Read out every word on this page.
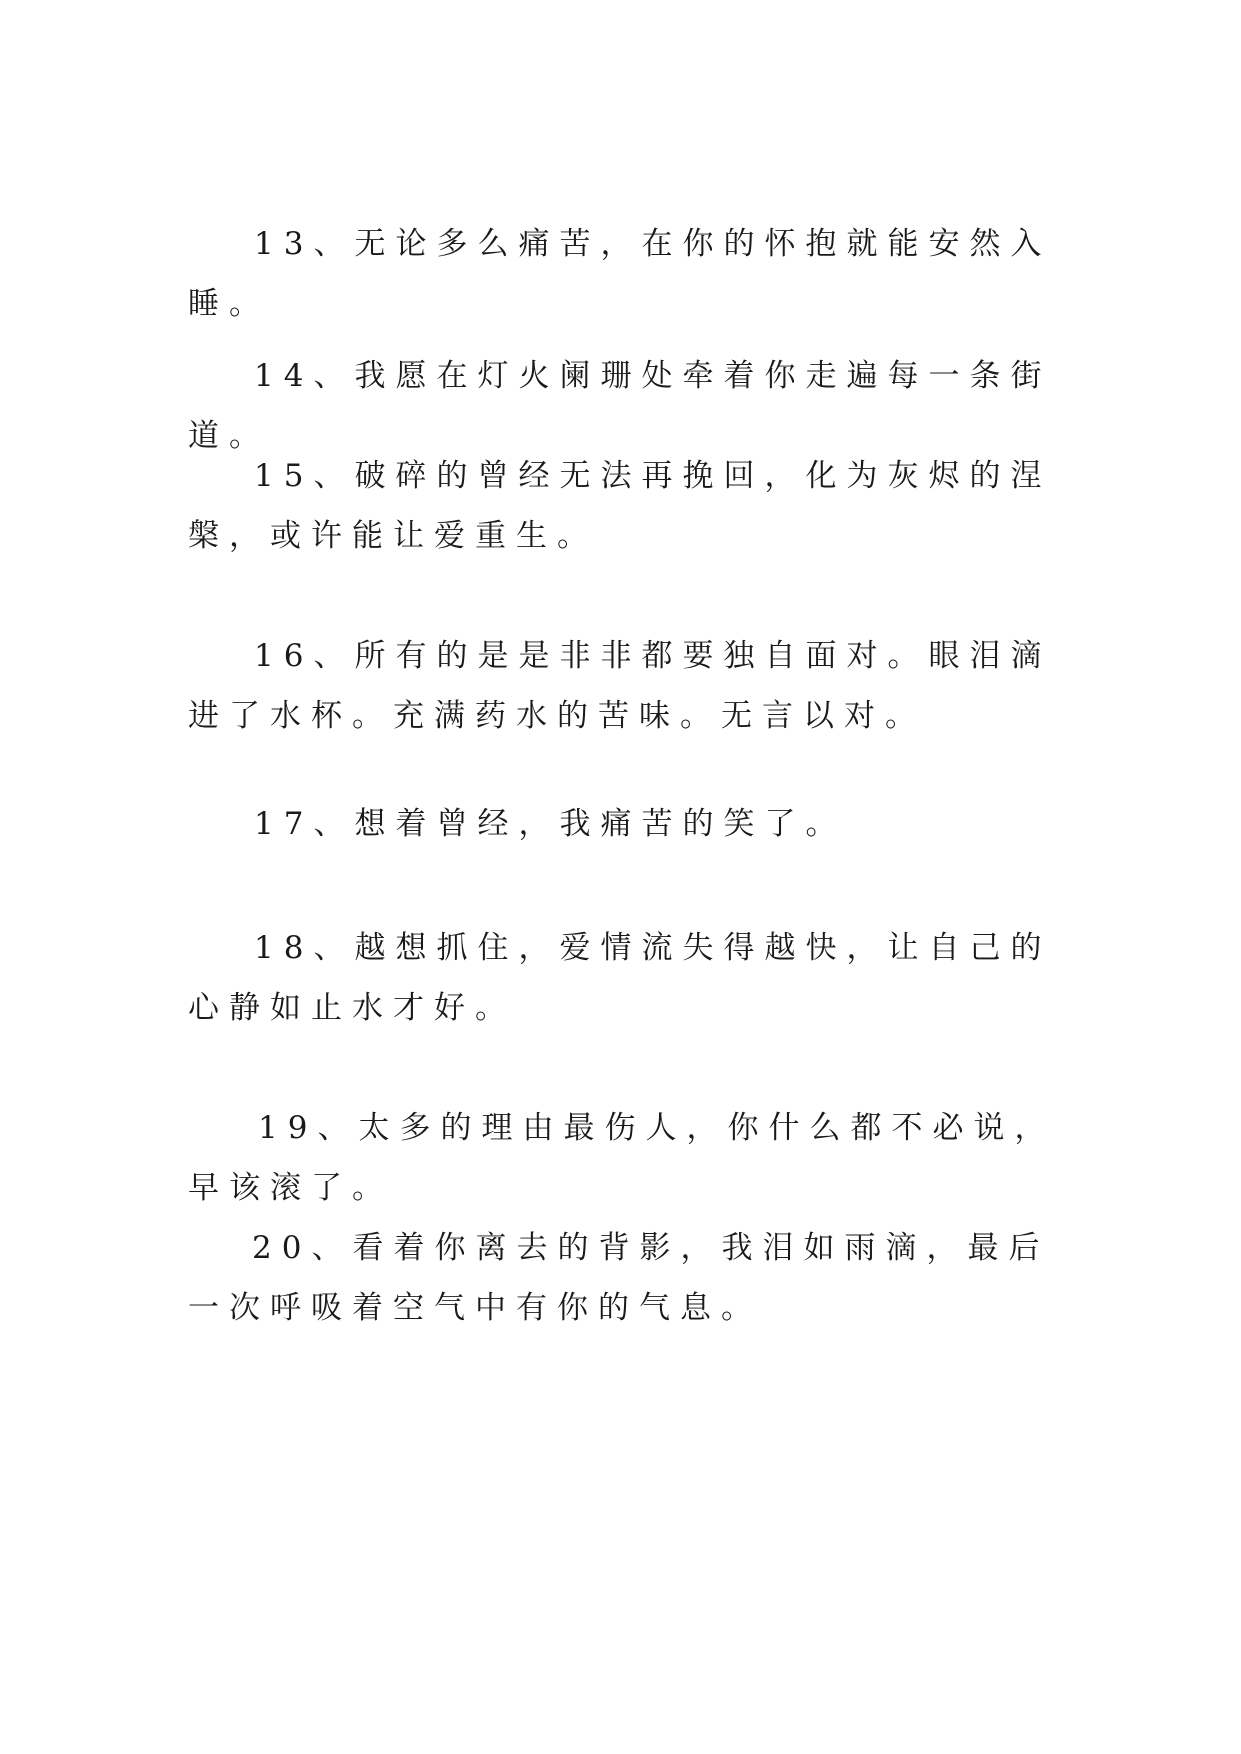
13、无论多么痛苦，在你的怀抱就能安然入睡。

14、我愿在灯火阑珊处牵着你走遍每一条街道。

15、破碎的曾经无法再挽回，化为灰烬的涅槃，或许能让爱重生。

16、所有的是是非非都要独自面对。眼泪滴进了水杯。充满药水的苦味。无言以对。

17、想着曾经，我痛苦的笑了。

18、越想抓住，爱情流失得越快，让自己的心静如止水才好。

19、太多的理由最伤人，你什么都不必说，早该滚了。

20、看着你离去的背影，我泪如雨滴，最后一次呼吸着空气中有你的气息。
